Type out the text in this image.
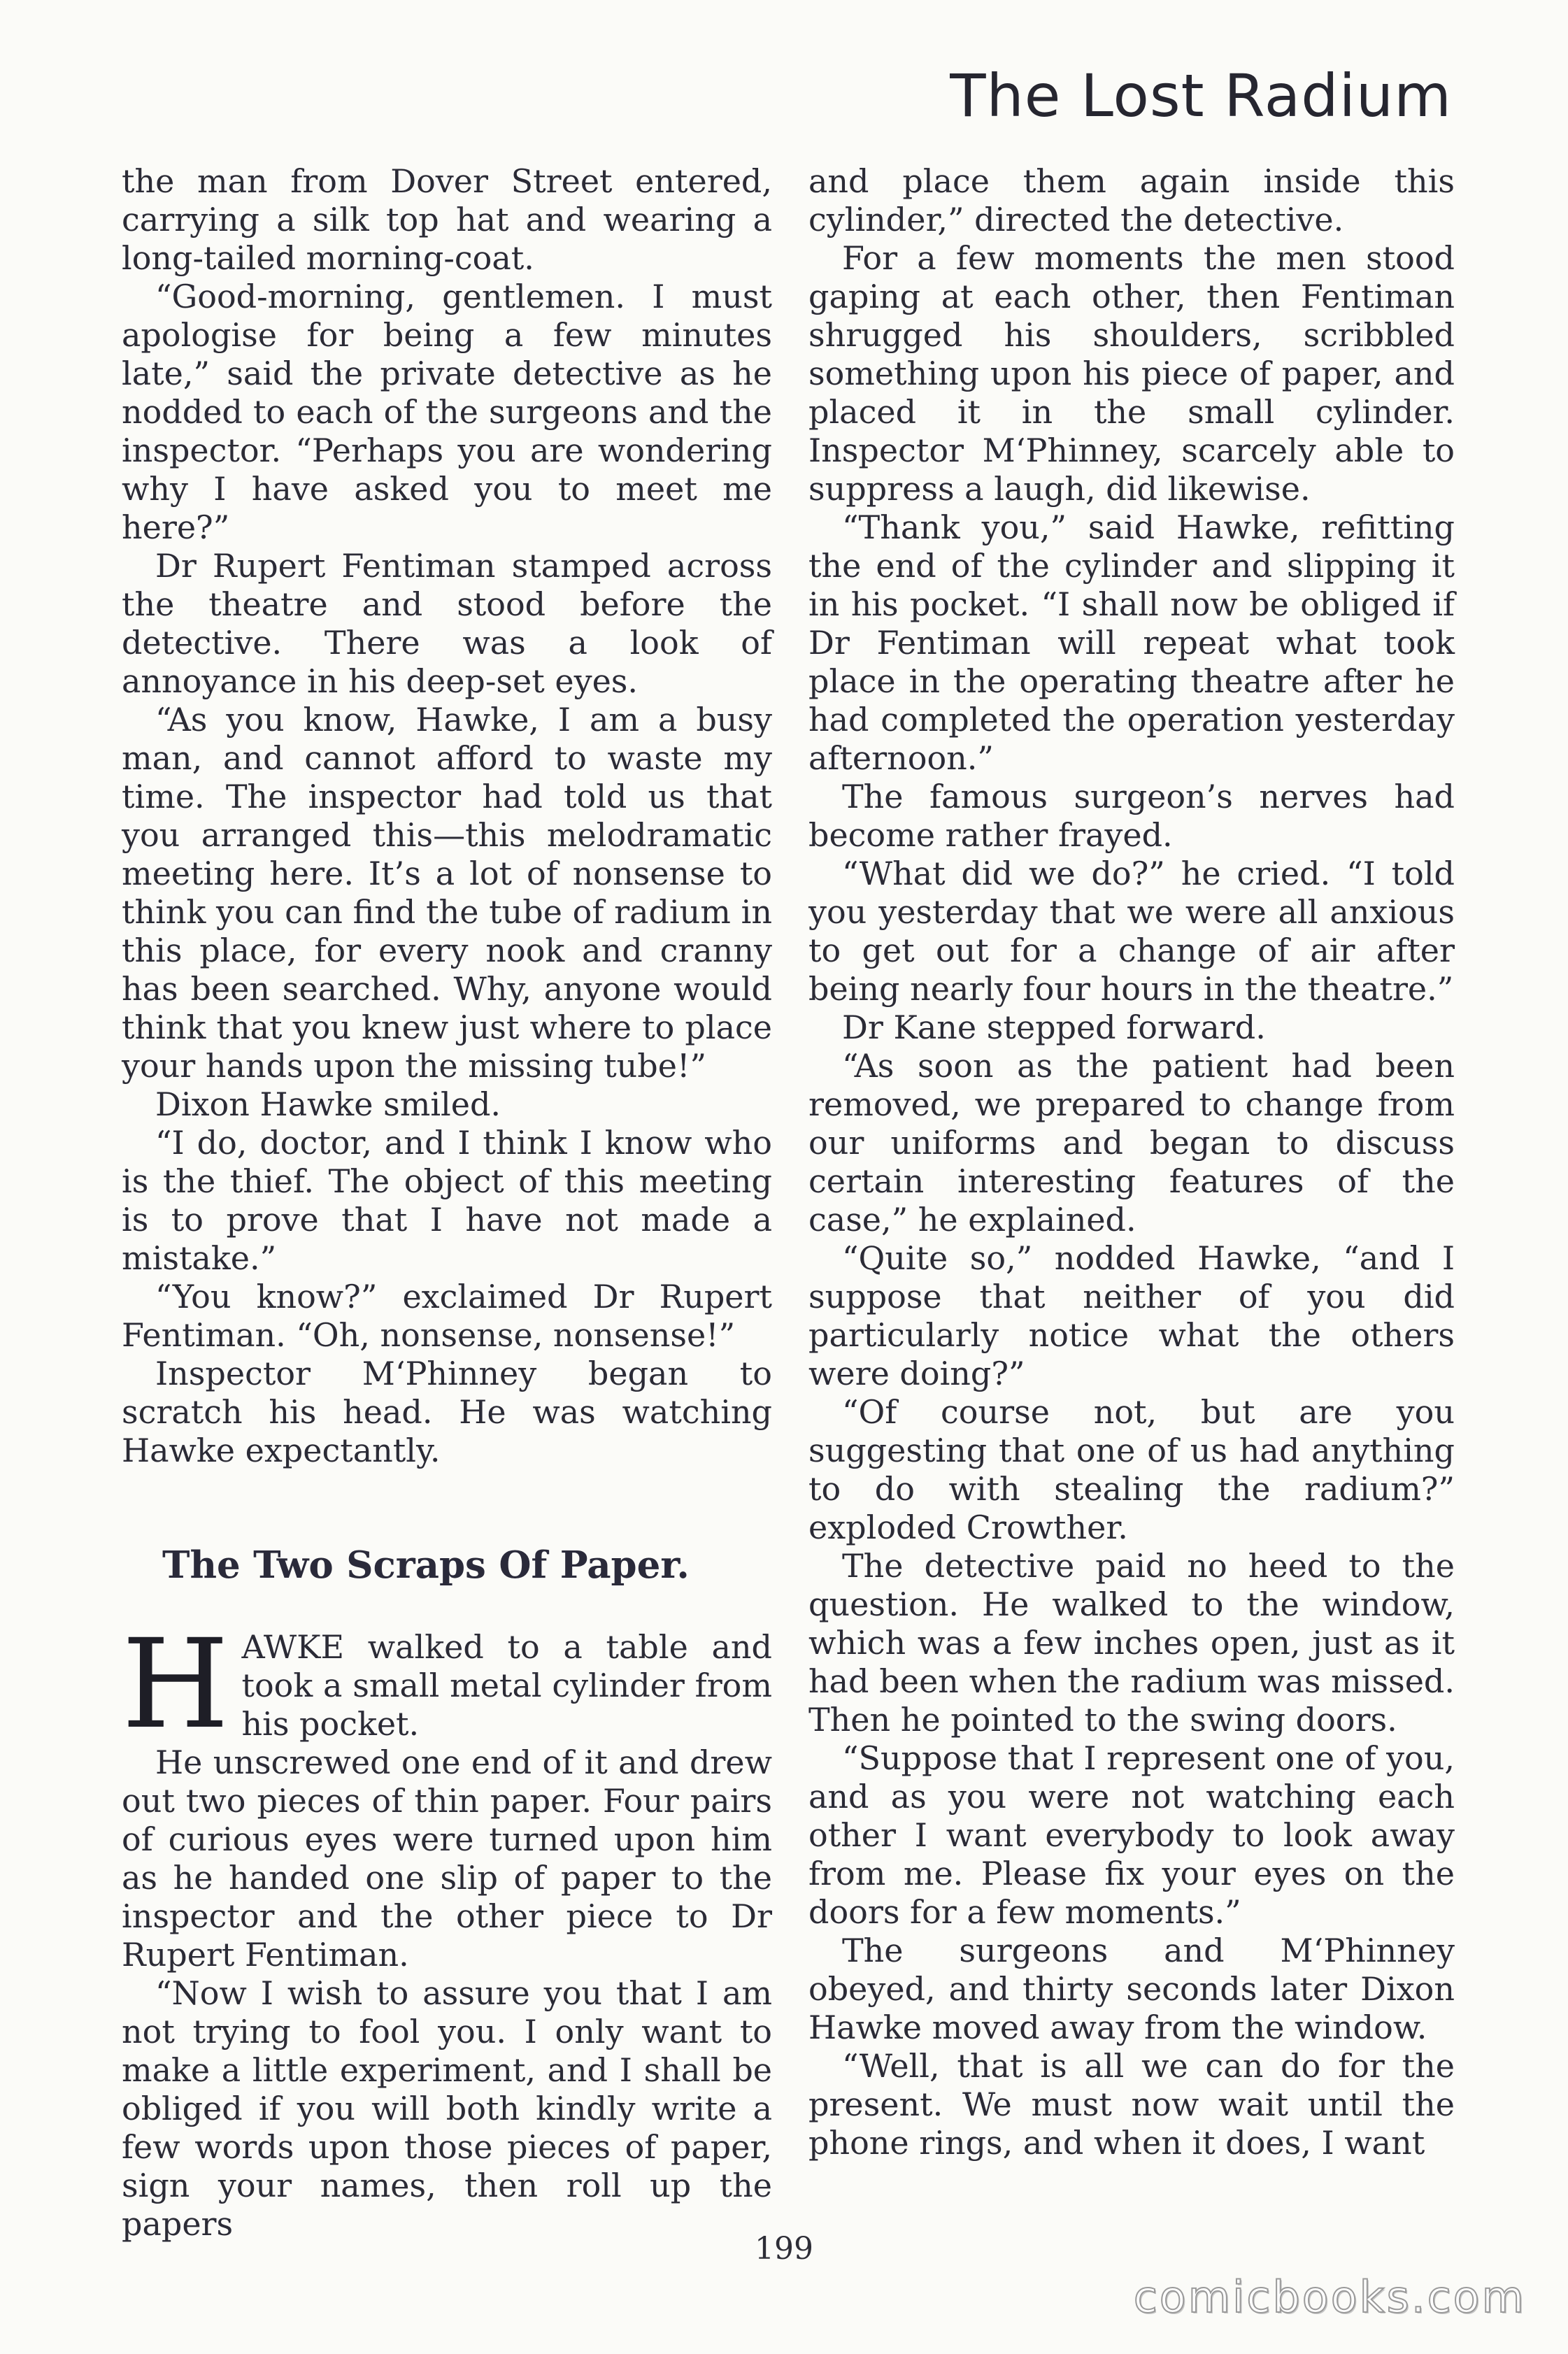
The Lost Radium

the man from Dover Street entered, carrying a silk top hat and wearing a long-tailed morning-coat.

“Good-morning, gentlemen. I must apologise for being a few minutes late,” said the private detective as he nodded to each of the surgeons and the inspector. “Perhaps you are wondering why I have asked you to meet me here?”

Dr Rupert Fentiman stamped across the theatre and stood before the detective. There was a look of annoyance in his deep-set eyes.

“As you know, Hawke, I am a busy man, and cannot afford to waste my time. The inspector had told us that you arranged this—this melodramatic meeting here. It’s a lot of nonsense to think you can find the tube of radium in this place, for every nook and cranny has been searched. Why, anyone would think that you knew just where to place your hands upon the missing tube!”

Dixon Hawke smiled.

“I do, doctor, and I think I know who is the thief. The object of this meeting is to prove that I have not made a mistake.”

“You know?” exclaimed Dr Rupert Fentiman. “Oh, nonsense, nonsense!”

Inspector M‘Phinney began to scratch his head. He was watching Hawke expectantly.

The Two Scraps Of Paper.

HAWKE walked to a table and took a small metal cylinder from his pocket.

He unscrewed one end of it and drew out two pieces of thin paper. Four pairs of curious eyes were turned upon him as he handed one slip of paper to the inspector and the other piece to Dr Rupert Fentiman.

“Now I wish to assure you that I am not trying to fool you. I only want to make a little experiment, and I shall be obliged if you will both kindly write a few words upon those pieces of paper, sign your names, then roll up the papers

and place them again inside this cylinder,” directed the detective.

For a few moments the men stood gaping at each other, then Fentiman shrugged his shoulders, scribbled something upon his piece of paper, and placed it in the small cylinder. Inspector M‘Phinney, scarcely able to suppress a laugh, did likewise.

“Thank you,” said Hawke, refitting the end of the cylinder and slipping it in his pocket. “I shall now be obliged if Dr Fentiman will repeat what took place in the operating theatre after he had completed the operation yesterday afternoon.”

The famous surgeon’s nerves had become rather frayed.

“What did we do?” he cried. “I told you yesterday that we were all anxious to get out for a change of air after being nearly four hours in the theatre.”

Dr Kane stepped forward.

“As soon as the patient had been removed, we prepared to change from our uniforms and began to discuss certain interesting features of the case,” he explained.

“Quite so,” nodded Hawke, “and I suppose that neither of you did particularly notice what the others were doing?”

“Of course not, but are you suggesting that one of us had anything to do with stealing the radium?” exploded Crowther.

The detective paid no heed to the question. He walked to the window, which was a few inches open, just as it had been when the radium was missed. Then he pointed to the swing doors.

“Suppose that I represent one of you, and as you were not watching each other I want everybody to look away from me. Please fix your eyes on the doors for a few moments.”

The surgeons and M‘Phinney obeyed, and thirty seconds later Dixon Hawke moved away from the window.

“Well, that is all we can do for the present. We must now wait until the phone rings, and when it does, I want

199
comicbooks.com
